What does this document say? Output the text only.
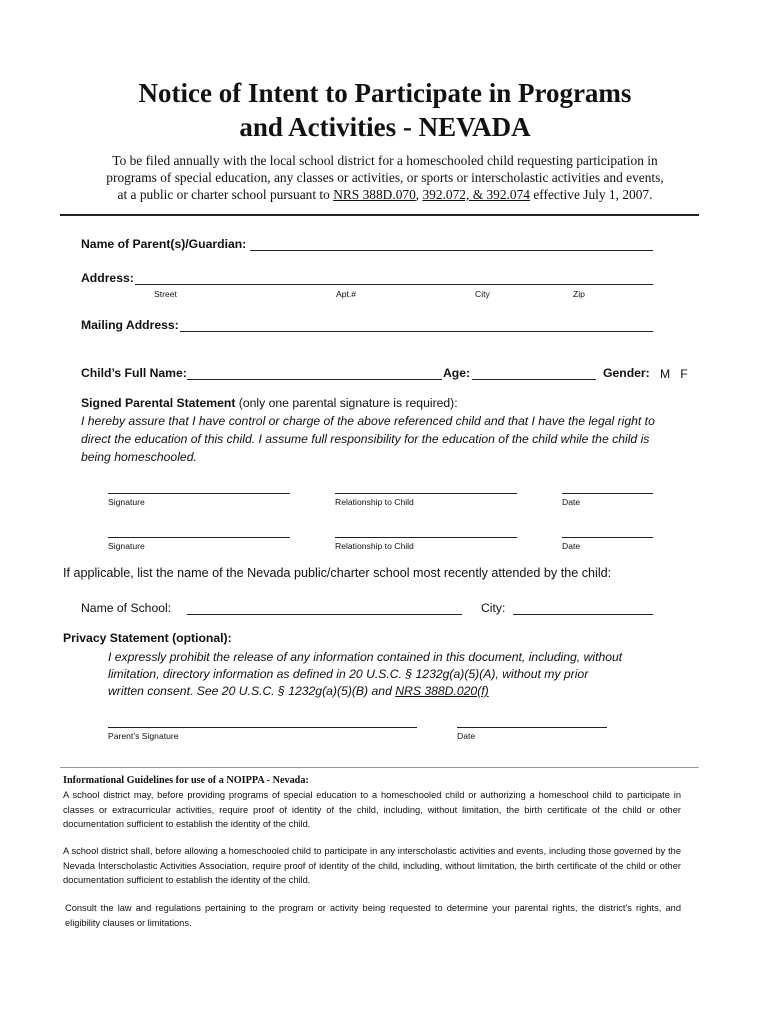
Notice of Intent to Participate in Programs
and Activities - NEVADA
To be filed annually with the local school district for a homeschooled child requesting participation in
programs of special education, any classes or activities, or sports or interscholastic activities and events,
at a public or charter school pursuant to NRS 388D.070, 392.072, & 392.074 effective July 1, 2007.
Name of Parent(s)/Guardian:
Address:
Street	Apt.#	City	Zip
Mailing Address:
Child’s Full Name:	Age:	Gender: M   F
Signed Parental Statement (only one parental signature is required):
I hereby assure that I have control or charge of the above referenced child and that I have the legal right to
direct the education of this child. I assume full responsibility for the education of the child while the child is
being homeschooled.
Signature	Relationship to Child	Date
Signature	Relationship to Child	Date
If applicable, list the name of the Nevada public/charter school most recently attended by the child:
Name of School:	City:
Privacy Statement (optional):
I expressly prohibit the release of any information contained in this document, including, without
limitation, directory information as defined in 20 U.S.C. § 1232g(a)(5)(A), without my prior
written consent. See 20 U.S.C. § 1232g(a)(5)(B) and NRS 388D.020(f)
Parent’s Signature	Date
Informational Guidelines for use of a NOIPPA - Nevada:
A school district may, before providing programs of special education to a homeschooled child or authorizing a homeschool child to participate in classes or extracurricular activities, require proof of identity of the child, including, without limitation, the birth certificate of the child or other documentation sufficient to establish the identity of the child.
A school district shall, before allowing a homeschooled child to participate in any interscholastic activities and events, including those governed by the Nevada Interscholastic Activities Association, require proof of identity of the child, including, without limitation, the birth certificate of the child or other documentation sufficient to establish the identity of the child.
Consult the law and regulations pertaining to the program or activity being requested to determine your parental rights, the district's rights, and eligibility clauses or limitations.
